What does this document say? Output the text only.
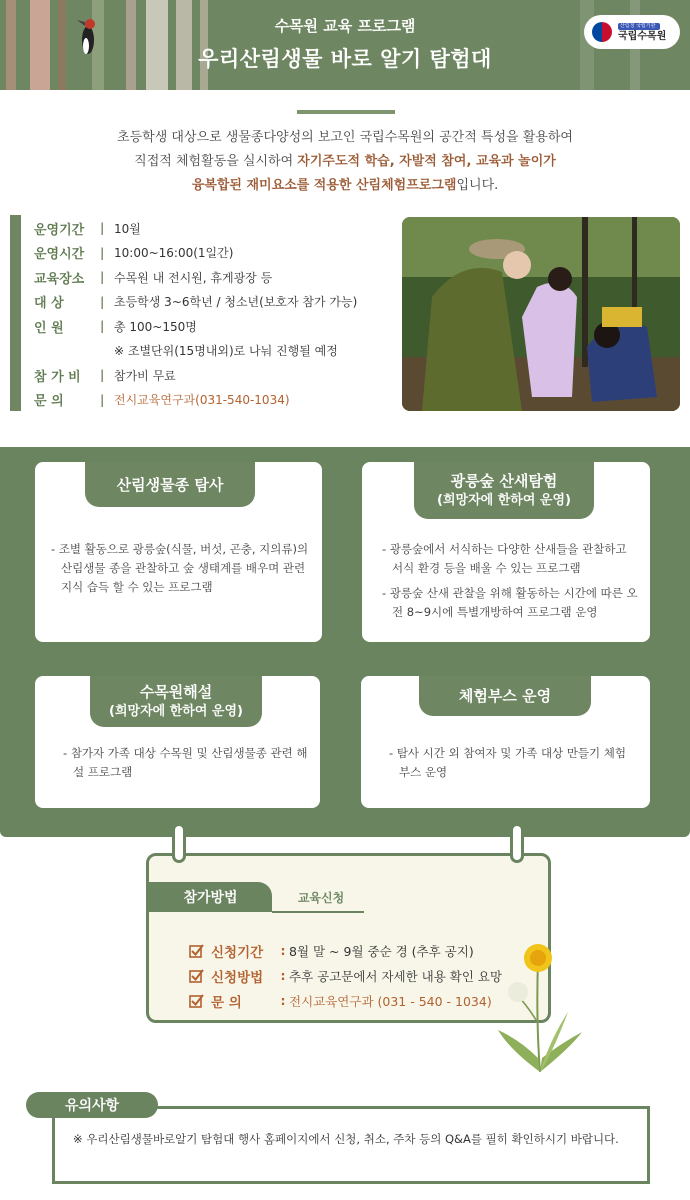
수목원 교육 프로그램
우리산림생물 바로 알기 탐험대
산림청 국립기관
국립수목원
초등학생 대상으로 생물종다양성의 보고인 국립수목원의 공간적 특성을 활용하여
직접적 체험활동을 실시하여 자기주도적 학습, 자발적 참여, 교육과 놀이가
융복합된 재미요소를 적용한 산림체험프로그램입니다.
운영기간	| 10월
운영시간	| 10:00~16:00(1일간)
교육장소	| 수목원 내 전시원, 휴게광장 등
대 상	| 초등학생 3~6학년 / 청소년(보호자 참가 가능)
인 원	| 총 100~150명
※ 조별단위(15명내외)로 나눠 진행될 예정
참 가 비	| 참가비 무료
문 의	| 전시교육연구과(031-540-1034)
산림생물종 탐사
- 조별 활동으로 광릉숲(식물, 버섯, 곤충, 지의류)의 산림생물 종을 관찰하고 숲 생태계를 배우며 관련 지식 습득 할 수 있는 프로그램
광릉숲 산새탐험
(희망자에 한하여 운영)
- 광릉숲에서 서식하는 다양한 산새들을 관찰하고 서식 환경 등을 배울 수 있는 프로그램
- 광릉숲 산새 관찰을 위해 활동하는 시간에 따른 오전 8~9시에 특별개방하여 프로그램 운영
수목원해설
(희망자에 한하여 운영)
- 참가자 가족 대상 수목원 및 산림생물종 관련 해설 프로그램
체험부스 운영
- 탐사 시간 외 참여자 및 가족 대상 만들기 체험 부스 운영
참가방법	교육신청
신청기간	: 8월 말 ~ 9월 중순 경 (추후 공지)
신청방법	: 추후 공고문에서 자세한 내용 확인 요망
문 의	: 전시교육연구과 (031 - 540 - 1034)
유의사항
※ 우리산림생물바로알기 탐험대 행사 홈페이지에서 신청, 취소, 주차 등의 Q&A를 필히 확인하시기 바랍니다.
